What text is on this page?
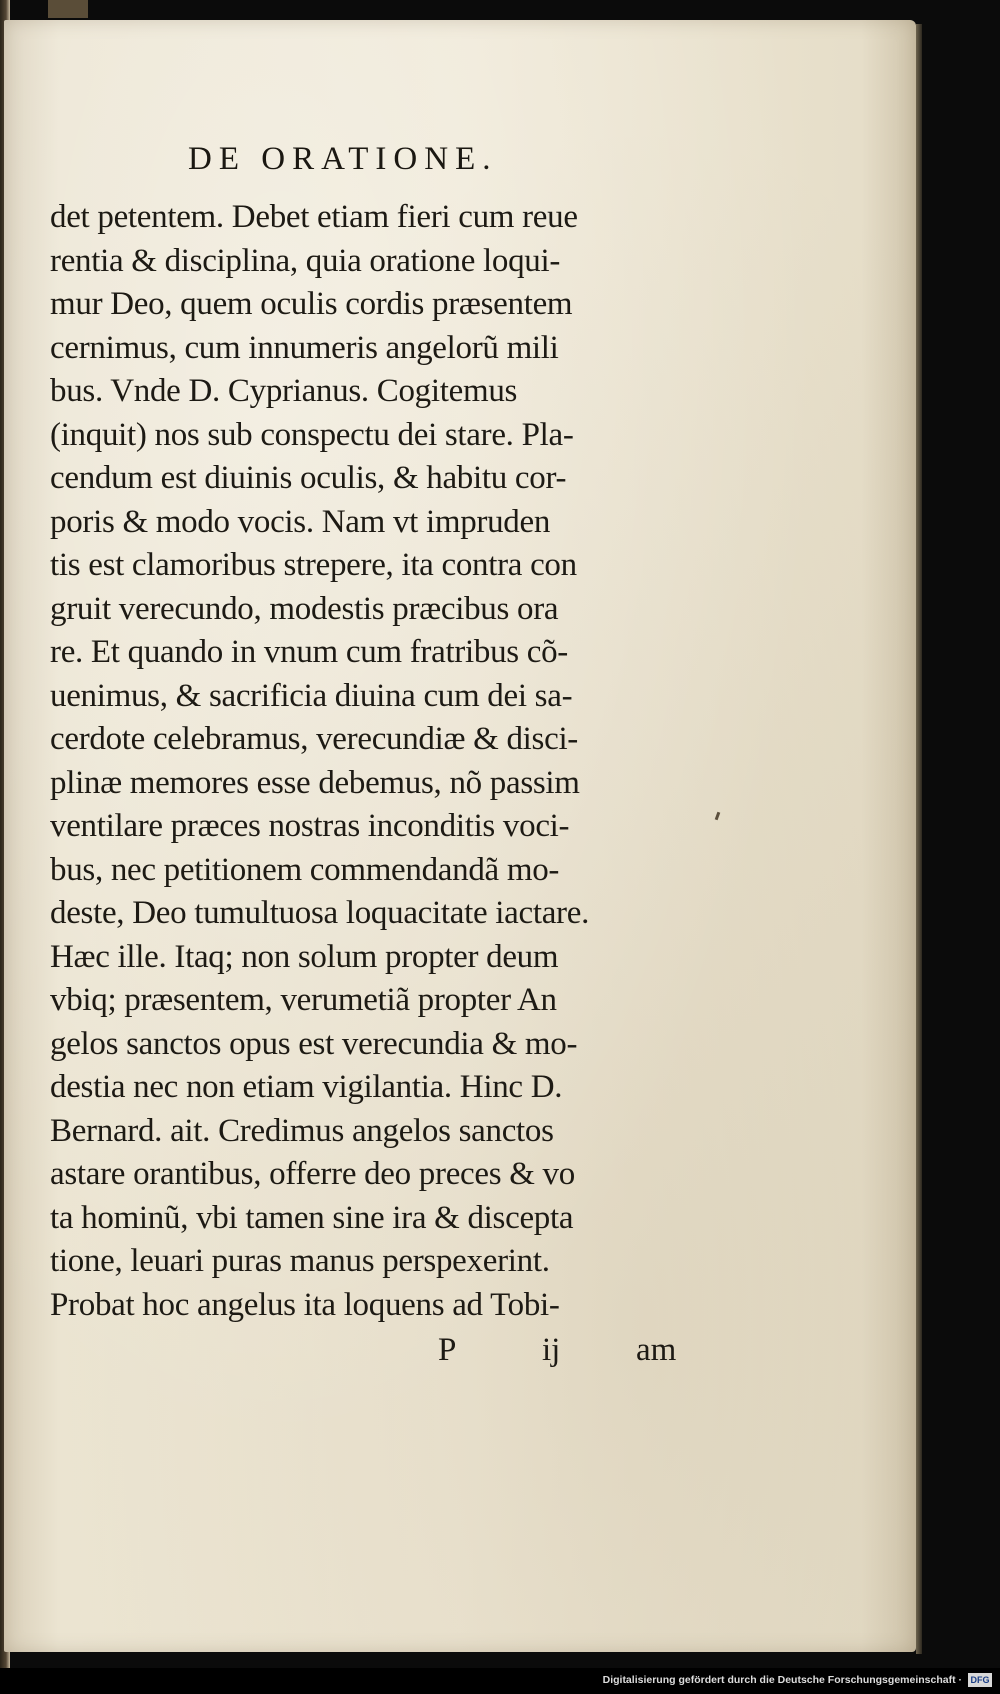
DE ORATIONE.
det petentem. Debet etiam fieri cum reue
rentia & disciplina, quia oratione loqui-
mur Deo, quem oculis cordis præsentem
cernimus, cum innumeris angelorũ mili
bus. Vnde D. Cyprianus. Cogitemus
(inquit) nos sub conspectu dei stare. Pla-
cendum est diuinis oculis, & habitu cor-
poris & modo vocis. Nam vt impruden
tis est clamoribus strepere, ita contra con
gruit verecundo, modestis præcibus ora
re. Et quando in vnum cum fratribus cõ-
uenimus, & sacrificia diuina cum dei sa-
cerdote celebramus, verecundiæ & disci-
plinæ memores esse debemus, nõ passim
ventilare præces nostras inconditis voci-
bus, nec petitionem commendandã mo-
deste, Deo tumultuosa loquacitate iactare.
Hæc ille. Itaq; non solum propter deum
vbiq; præsentem, verumetiã propter An
gelos sanctos opus est verecundia & mo-
destia nec non etiam vigilantia. Hinc D.
Bernard. ait. Credimus angelos sanctos
astare orantibus, offerre deo preces & vo
ta hominũ, vbi tamen sine ira & discepta
tione, leuari puras manus perspexerint.
Probat hoc angelus ita loquens ad Tobi-
P	ij am
Digitalisierung gefördert durch die Deutsche Forschungsgemeinschaft · DFG
